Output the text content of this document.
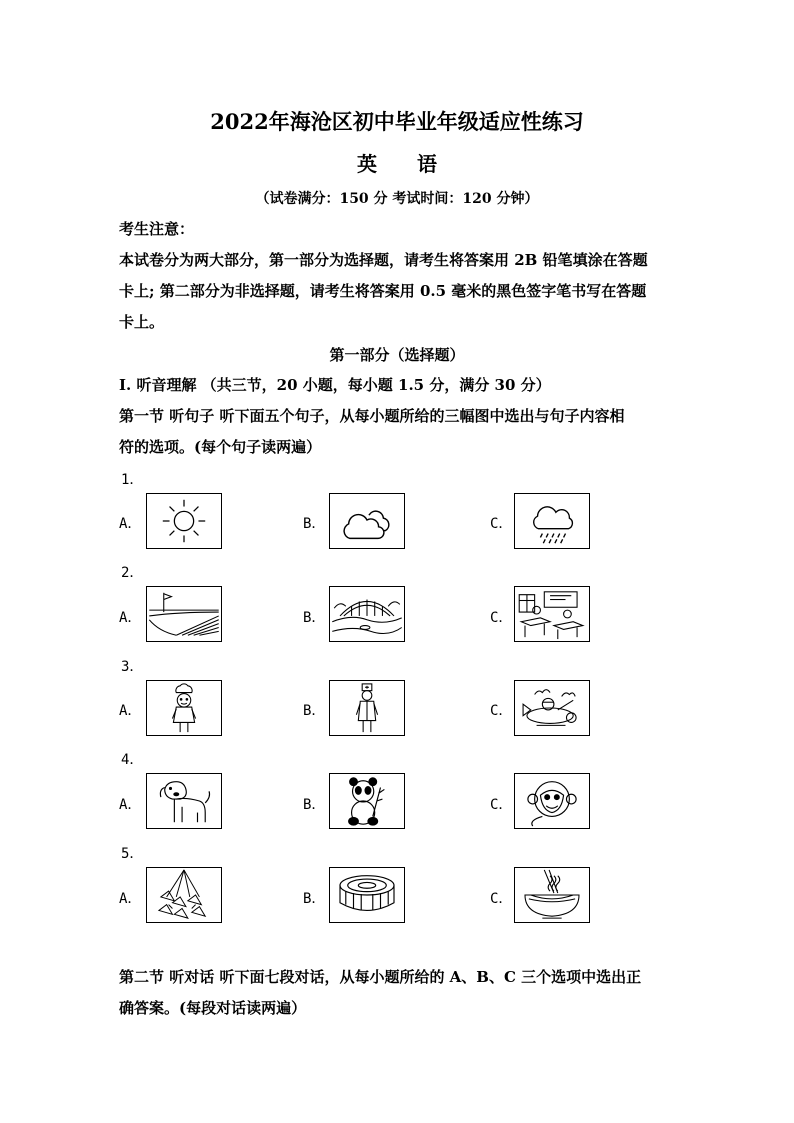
2022年海沧区初中毕业年级适应性练习
英语
（试卷满分：150 分 考试时间：120 分钟）
考生注意：
本试卷分为两大部分，第一部分为选择题，请考生将答案用 2B 铅笔填涂在答题
卡上; 第二部分为非选择题，请考生将答案用 0.5 毫米的黑色签字笔书写在答题
卡上。
第一部分（选择题）
I. 听音理解 （共三节，20 小题，每小题 1.5 分，满分 30 分）
第一节 听句子 听下面五个句子，从每小题所给的三幅图中选出与句子内容相
符的选项。(每个句子读两遍）
1．
A．	B．	C．
2．
A．	B．	C．
3．
A．	B．	C．
4．
A．	B．	C．
5．
A．	B．	C．
第二节 听对话 听下面七段对话，从每小题所给的 A、B、C 三个选项中选出正
确答案。(每段对话读两遍）
